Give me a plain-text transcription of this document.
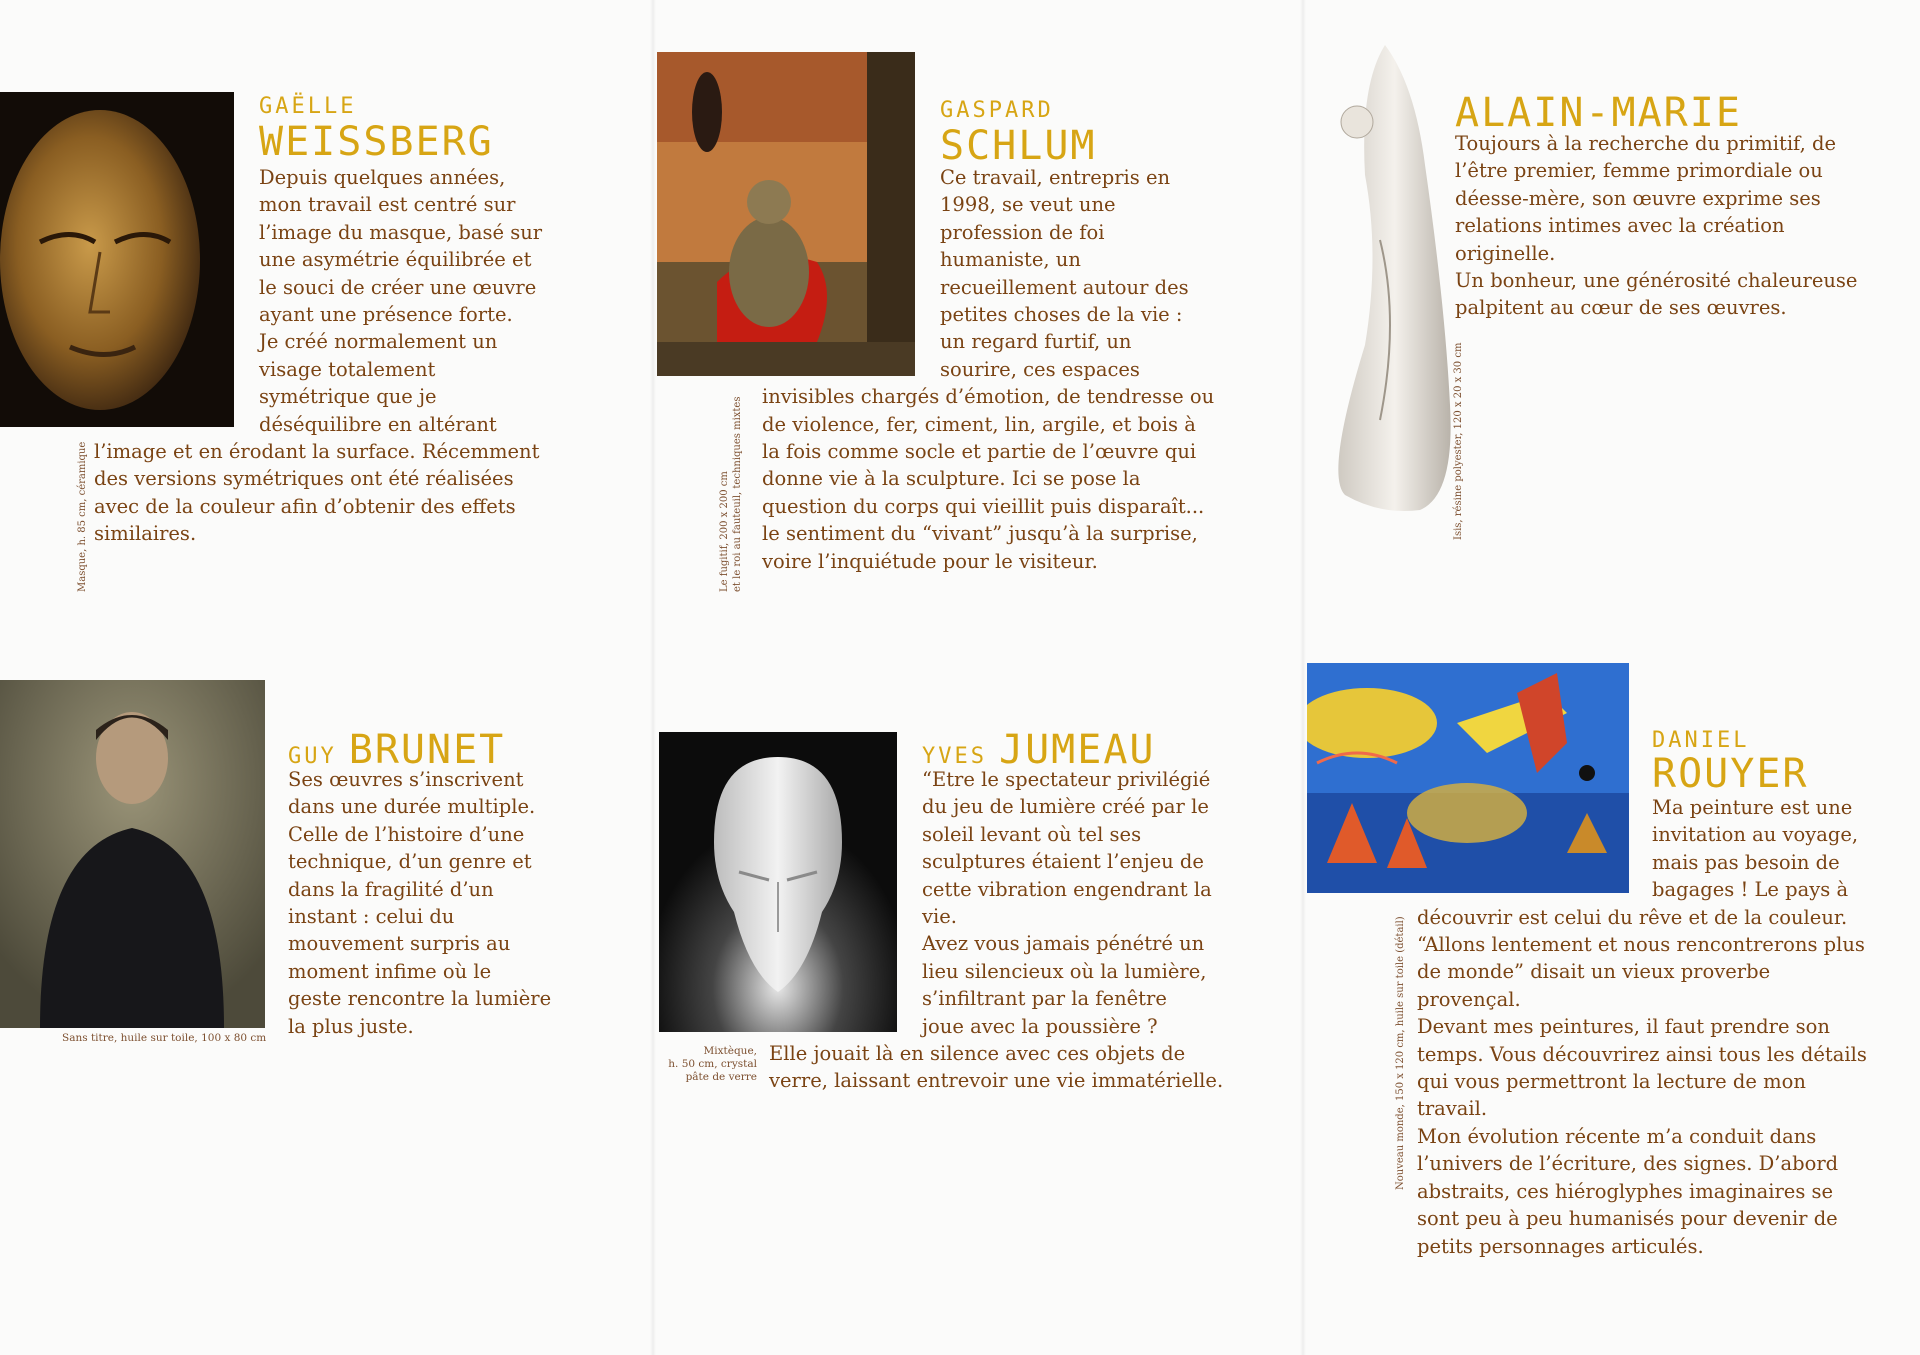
GAËLLE
WEISSBERG

Depuis quelques années,

mon travail est centré sur

l’image du masque, basé sur

une asymétrie équilibrée et

le souci de créer une œuvre

ayant une présence forte.

Je créé normalement un

visage totalement

symétrique que je

déséquilibre en altérant

l’image et en érodant la surface. Récemment

des versions symétriques ont été réalisées

avec de la couleur afin d’obtenir des effets

similaires.

Masque, h. 85 cm, céramique
GASPARD
SCHLUM

Ce travail, entrepris en

1998, se veut une

profession de foi

humaniste, un

recueillement autour des

petites choses de la vie :

un regard furtif, un

sourire, ces espaces

invisibles chargés d’émotion, de tendresse ou

de violence, fer, ciment, lin, argile, et bois à

la fois comme socle et partie de l’œuvre qui

donne vie à la sculpture. Ici se pose la

question du corps qui vieillit puis disparaît...

le sentiment du “vivant” jusqu’à la surprise,

voire l’inquiétude pour le visiteur.

Le fugitif, 200 x 200 cm et le roi au fauteuil, techniques mixtes
ALAIN-MARIE

Toujours à la recherche du primitif, de

l’être premier, femme primordiale ou

déesse-mère, son œuvre exprime ses

relations intimes avec la création

originelle.

Un bonheur, une générosité chaleureuse

palpitent au cœur de ses œuvres.

Isis, résine polyester, 120 x 20 x 30 cm
GUY BRUNET

Ses œuvres s’inscrivent

dans une durée multiple.

Celle de l’histoire d’une

technique, d’un genre et

dans la fragilité d’un

instant : celui du

mouvement surpris au

moment infime où le

geste rencontre la lumière

la plus juste.

Sans titre, huile sur toile, 100 x 80 cm
YVES JUMEAU

“Etre le spectateur privilégié

du jeu de lumière créé par le

soleil levant où tel ses

sculptures étaient l’enjeu de

cette vibration engendrant la

vie.

Avez vous jamais pénétré un

lieu silencieux où la lumière,

s’infiltrant par la fenêtre

joue avec la poussière ?

Elle jouait là en silence avec ces objets de

verre, laissant entrevoir une vie immatérielle.

Mixtèque,
h. 50 cm, crystal
pâte de verre
DANIEL
ROUYER

Ma peinture est une

invitation au voyage,

mais pas besoin de

bagages ! Le pays à

découvrir est celui du rêve et de la couleur.

“Allons lentement et nous rencontrerons plus

de monde” disait un vieux proverbe

provençal.

Devant mes peintures, il faut prendre son

temps. Vous découvrirez ainsi tous les détails

qui vous permettront la lecture de mon

travail.

Mon évolution récente m’a conduit dans

l’univers de l’écriture, des signes. D’abord

abstraits, ces hiéroglyphes imaginaires se

sont peu à peu humanisés pour devenir de

petits personnages articulés.

Nouveau monde, 150 x 120 cm, huile sur toile (détail)
